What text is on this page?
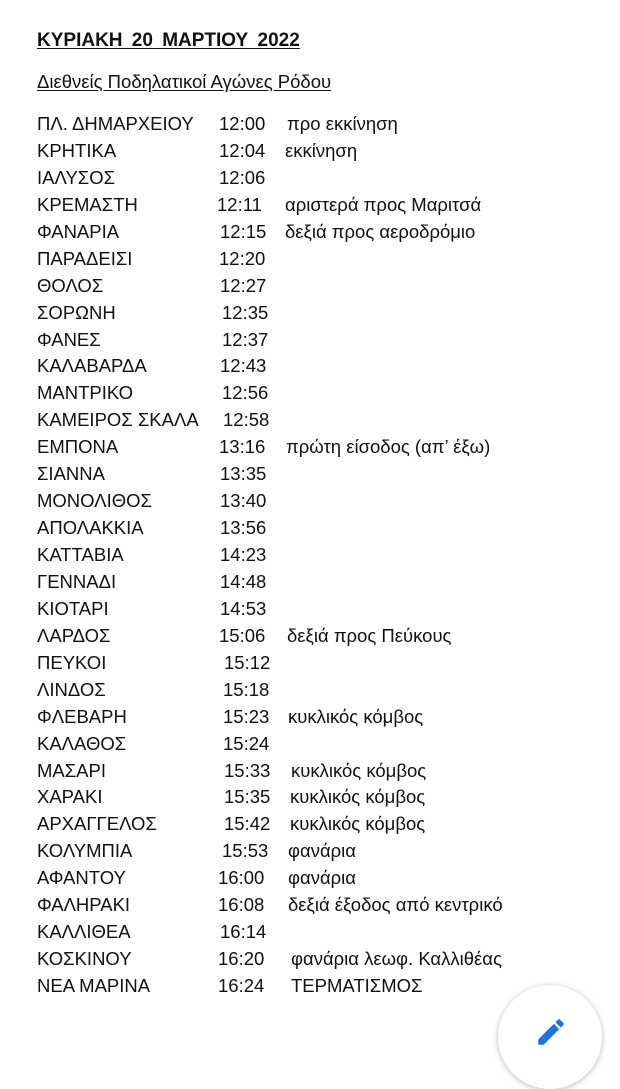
ΚΥΡΙΑΚΗ 20 ΜΑΡΤΙΟΥ 2022
Διεθνείς Ποδηλατικοί Αγώνες Ρόδου
ΠΛ. ΔΗΜΑΡΧΕΙΟΥ 12:00 προ εκκίνηση
ΚΡΗΤΙΚΑ	12:04 εκκίνηση
ΙΑΛΥΣΟΣ	12:06
ΚΡΕΜΑΣΤΗ	12:11 αριστερά προς Μαριτσά
ΦΑΝΑΡΙΑ	12:15 δεξιά προς αεροδρόμιο
ΠΑΡΑΔΕΙΣΙ	12:20
ΘΟΛΟΣ	12:27
ΣΟΡΩΝΗ	12:35
ΦΑΝΕΣ	12:37
ΚΑΛΑΒΑΡΔΑ	12:43
ΜΑΝΤΡΙΚΟ	12:56
ΚΑΜΕΙΡΟΣ ΣΚΑΛΑ 12:58
ΕΜΠΟΝΑ	13:16 πρώτη είσοδος (απ’ έξω)
ΣΙΑΝΝΑ	13:35
ΜΟΝΟΛΙΘΟΣ	13:40
ΑΠΟΛΑΚΚΙΑ	13:56
ΚΑΤΤΑΒΙΑ	14:23
ΓΕΝΝΑΔΙ	14:48
ΚΙΟΤΑΡΙ	14:53
ΛΑΡΔΟΣ	15:06 δεξιά προς Πεύκους
ΠΕΥΚΟΙ	15:12
ΛΙΝΔΟΣ	15:18
ΦΛΕΒΑΡΗ	15:23 κυκλικός κόμβος
ΚΑΛΑΘΟΣ	15:24
ΜΑΣΑΡΙ	15:33 κυκλικός κόμβος
ΧΑΡΑΚΙ	15:35 κυκλικός κόμβος
ΑΡΧΑΓΓΕΛΟΣ	15:42 κυκλικός κόμβος
ΚΟΛΥΜΠΙΑ	15:53 φανάρια
ΑΦΑΝΤΟΥ	16:00 φανάρια
ΦΑΛΗΡΑΚΙ	16:08 δεξιά έξοδος από κεντρικό
ΚΑΛΛΙΘΕΑ	16:14
ΚΟΣΚΙΝΟΥ	16:20 φανάρια λεωφ. Καλλιθέας
ΝΕΑ ΜΑΡΙΝΑ	16:24 ΤΕΡΜΑΤΙΣΜΟΣ
